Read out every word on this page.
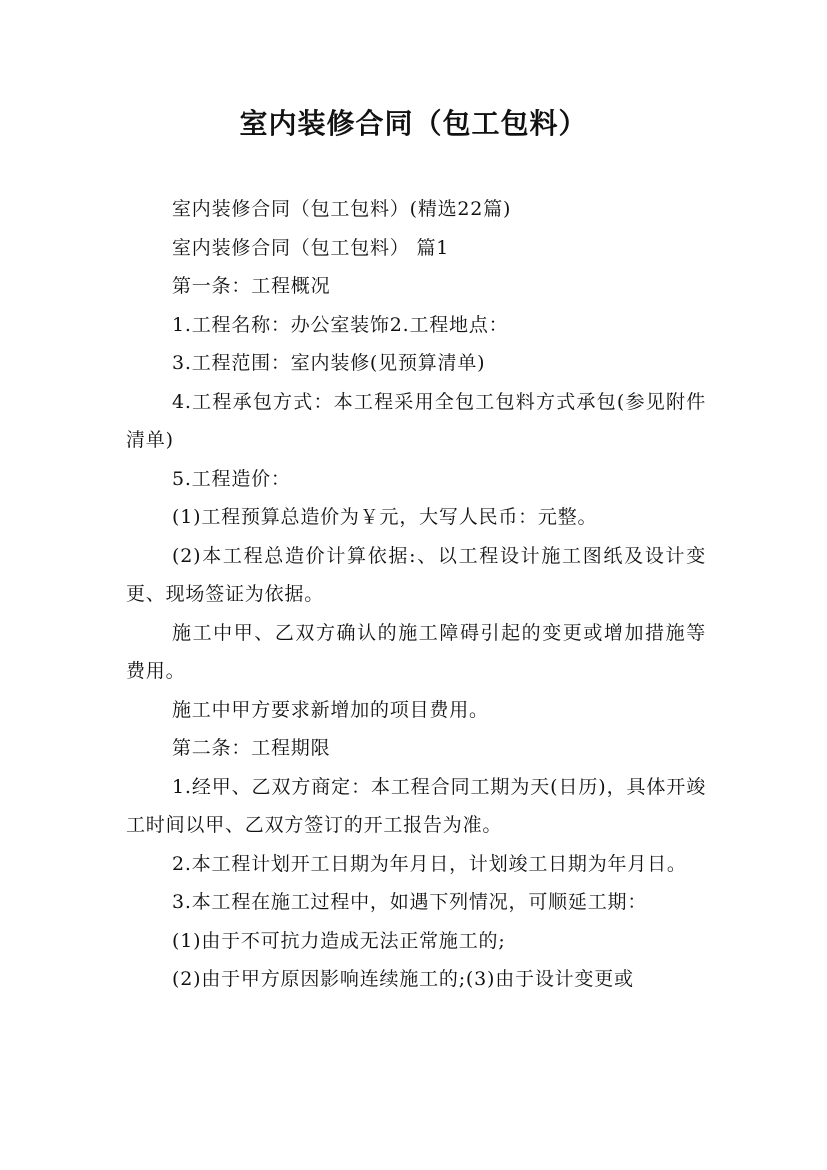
室内装修合同（包工包料）

室内装修合同（包工包料）(精选22篇)

室内装修合同（包工包料） 篇1

第一条：工程概况

1.工程名称：办公室装饰2.工程地点：

3.工程范围：室内装修(见预算清单)

4.工程承包方式：本工程采用全包工包料方式承包(参见附件清单)

5.工程造价：

(1)工程预算总造价为￥元，大写人民币：元整。

(2)本工程总造价计算依据:、以工程设计施工图纸及设计变更、现场签证为依据。

施工中甲、乙双方确认的施工障碍引起的变更或增加措施等费用。

施工中甲方要求新增加的项目费用。

第二条：工程期限

1.经甲、乙双方商定：本工程合同工期为天(日历)，具体开竣工时间以甲、乙双方签订的开工报告为准。

2.本工程计划开工日期为年月日，计划竣工日期为年月日。

3.本工程在施工过程中，如遇下列情况，可顺延工期：

(1)由于不可抗力造成无法正常施工的;

(2)由于甲方原因影响连续施工的;(3)由于设计变更或
